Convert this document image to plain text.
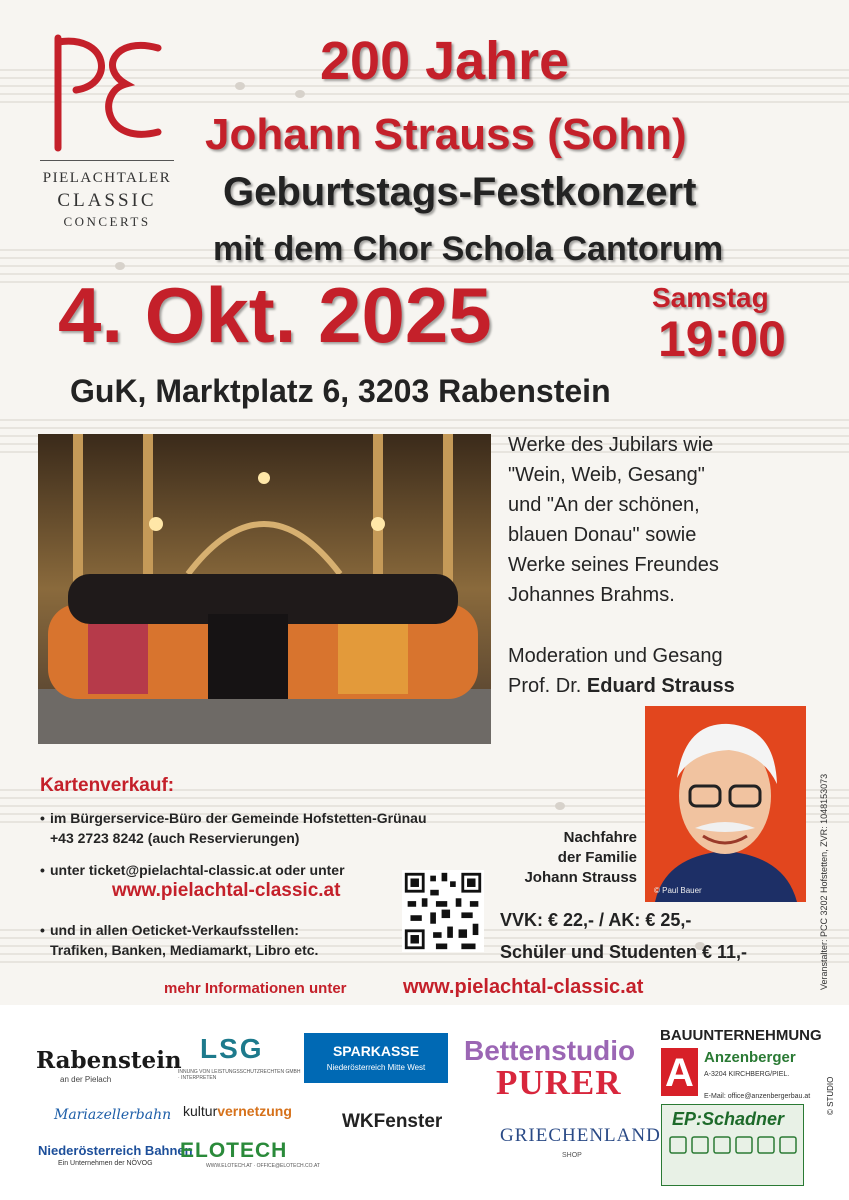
PIELACHTALER
CLASSIC
CONCERTS
200 Jahre
Johann Strauss (Sohn)
Geburtstags-Festkonzert
mit dem Chor Schola Cantorum
4. Okt. 2025	Samstag
19:00
GuK, Marktplatz 6, 3203 Rabenstein
Werke des Jubilars wie
"Wein, Weib, Gesang"
und "An der schönen,
blauen Donau" sowie
Werke seines Freundes
Johannes Brahms.
Moderation und Gesang
Prof. Dr. Eduard Strauss
© Paul Bauer
Nachfahre
der Familie
Johann Strauss	Veranstalter: PCC 3202 Hofstetten, ZVR: 1048153073
Kartenverkauf:
• im Bürgerservice-Büro der Gemeinde Hofstetten-Grünau
+43 2723 8242 (auch Reservierungen)
• unter ticket@pielachtal-classic.at oder unter
www.pielachtal-classic.at
• und in allen Oeticket-Verkaufsstellen:
Trafiken, Banken, Mediamarkt, Libro etc.
VVK: € 22,- / AK: € 25,-
Schüler und Studenten € 11,-
mehr Informationen unter	www.pielachtal-classic.at
Rabenstein
an der Pielach
LSG
INNUNG VON LEISTUNGSSCHUTZRECHTEN GMBH · INTERPRETEN
SPARKASSE
Niederösterreich Mitte West
Bettenstudio
PURER
BAUUNTERNEHMUNG
A Anzenberger
A-3204 KIRCHBERG/PIEL.
E-Mail: office@anzenbergerbau.at
EP:Schadner
© STUDIO
Mariazellerbahn kulturvernetzung	WKFenster
Niederösterreich Bahnen
Ein Unternehmen der NÖVOG
ELOTECH
WWW.ELOTECH.AT · OFFICE@ELOTECH.CO.AT
GRIECHENLAND
SHOP
